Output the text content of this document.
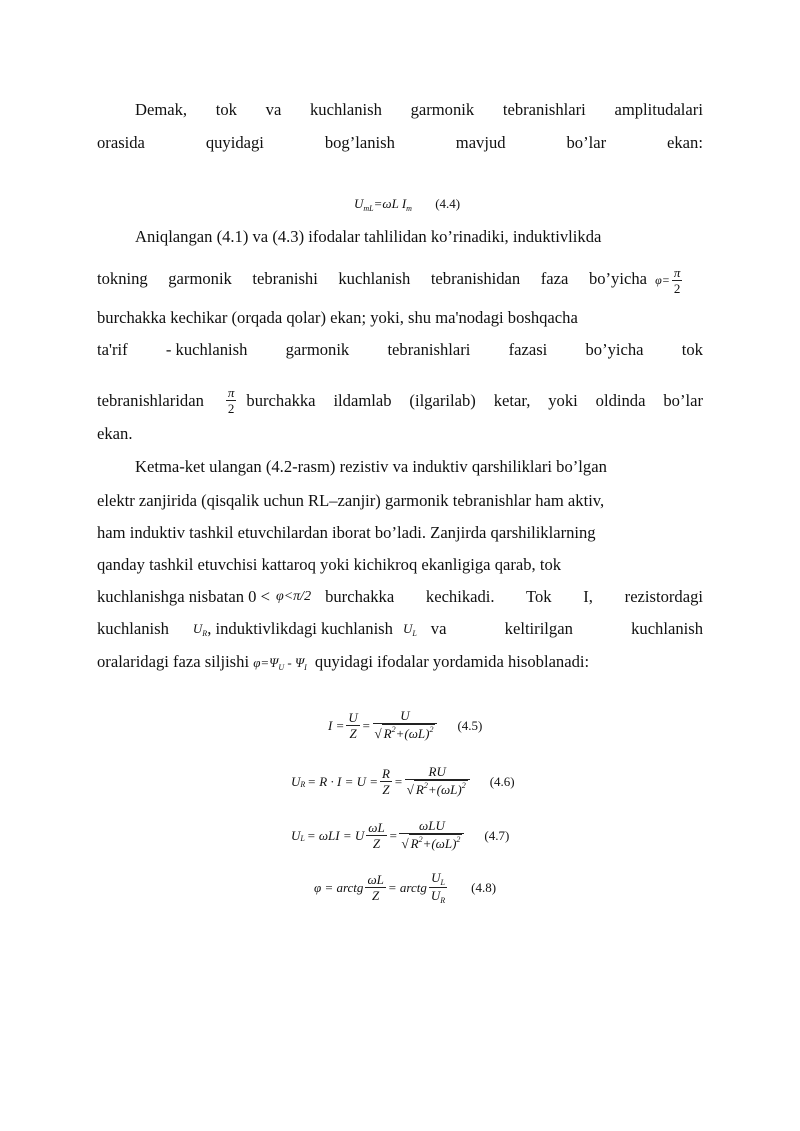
Demak, tok va kuchlanish garmonik tebranishlari amplitudalari
orasida	quyidagi	bog’lanish	mavjud	bo’lar	ekan:
$U_{mL}=\omega L$ $I_m$ (4.4)
Aniqlangan (4.1) va (4.3) ifodalar tahlilidan ko’rinadiki, induktivlikda
tokning garmonik tebranishi kuchlanish tebranishidan faza bo’yicha $\varphi= \frac{\pi}{2}$
burchakka kechikar (orqada qolar) ekan; yoki, shu ma'nodagi boshqacha
ta'rif - kuchlanish garmonik tebranishlari fazasi bo’yicha tok
tebranishlaridan $\frac{\pi}{2}$ burchakka ildamlab (ilgarilab) ketar, yoki oldinda bo’lar
ekan.
Ketma-ket ulangan (4.2-rasm) rezistiv va induktiv qarshiliklari bo’lgan
elektr zanjirida (qisqalik uchun RL–zanjir) garmonik tebranishlar ham aktiv,
ham induktiv tashkil etuvchilardan iborat bo’ladi. Zanjirda qarshiliklarning
qanday tashkil etuvchisi kattaroq yoki kichikroq ekanligiga qarab, tok
kuchlanishga nisbatan 0 < φ<π/2 burchakka kechikadi. Tok I, rezistordagi
kuchlanish $U_R$ , induktivlikdagi kuchlanish $U_L$ va keltirilgan kuchlanish
oralaridagi faza siljishi $\varphi=\Psi_U - \Psi_I$ quyidagi ifodalar yordamida hisoblanadi:
$I = \frac{U}{Z} = \frac{U}{√ R^2+(\omega L)^2} (4.5)$
U $R = R \cdot I = U = \frac{R}{Z} = \frac{RU}{√ R^2+(\omega L)^2} (4.6)$
U L = ωLI = U $\frac{\omega L}{Z} = \frac{\text{ωLU}}{√ R^2+(\omega L)^2} (4.7)$
φ = arctg $\frac{\omega L}{Z}$ = arctg $\frac{U_L}{U_R} (4.8)$
